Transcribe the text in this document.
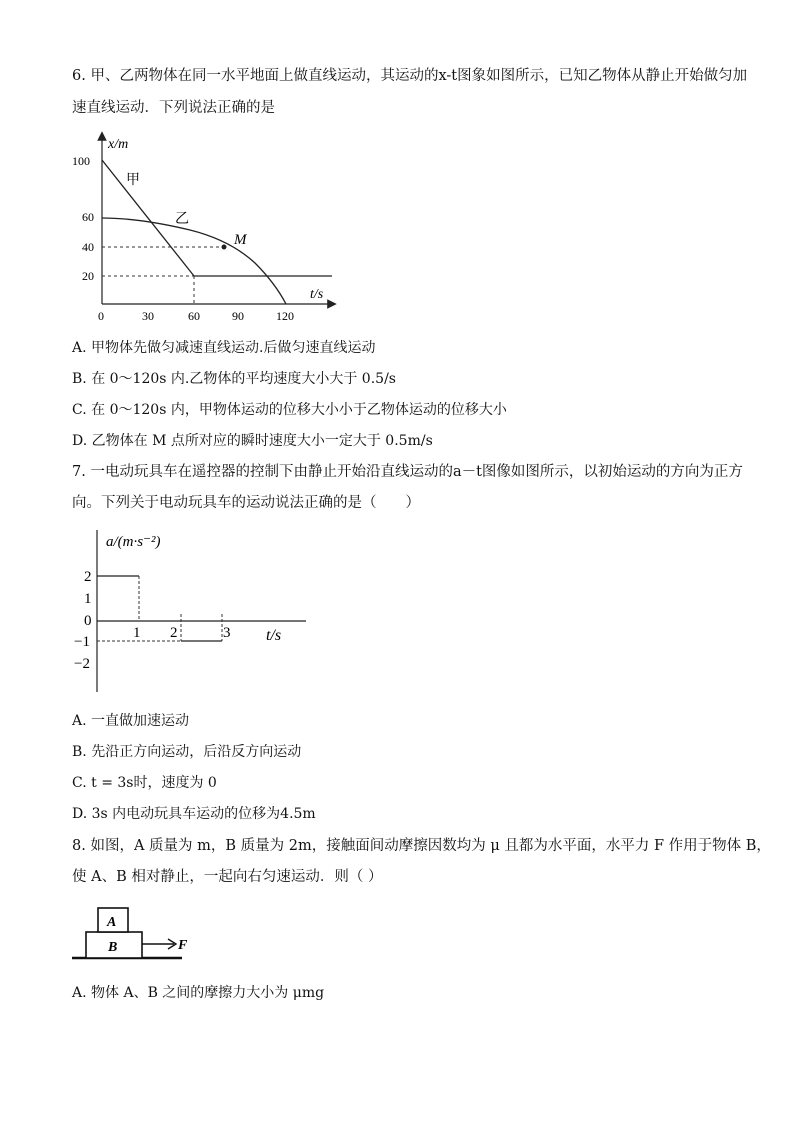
6. 甲、乙两物体在同一水平地面上做直线运动，其运动的x-t图象如图所示，已知乙物体从静止开始做匀加
速直线运动．下列说法正确的是
x/m
t/s
100
60
40
20
0	30	60	90	120
甲
乙
M
A. 甲物体先做匀减速直线运动.后做匀速直线运动
B. 在 0～120s 内.乙物体的平均速度大小大于 0.5/s
C. 在 0～120s 内，甲物体运动的位移大小小于乙物体运动的位移大小
D. 乙物体在 M 点所对应的瞬时速度大小一定大于 0.5m/s
7. 一电动玩具车在遥控器的控制下由静止开始沿直线运动的a－t图像如图所示，以初始运动的方向为正方
向。下列关于电动玩具车的运动说法正确的是（　　）
a/(m·s⁻²)
t/s
2
1
0
−1
−2
1 2	3
A. 一直做加速运动
B. 先沿正方向运动，后沿反方向运动
C. t = 3s时，速度为 0
D. 3s 内电动玩具车运动的位移为4.5m
8. 如图，A 质量为 m，B 质量为 2m，接触面间动摩擦因数均为 μ 且都为水平面，水平力 F 作用于物体 B，
使 A、B 相对静止，一起向右匀速运动．则（ ）
A
B	F
A. 物体 A、B 之间的摩擦力大小为 μmg
